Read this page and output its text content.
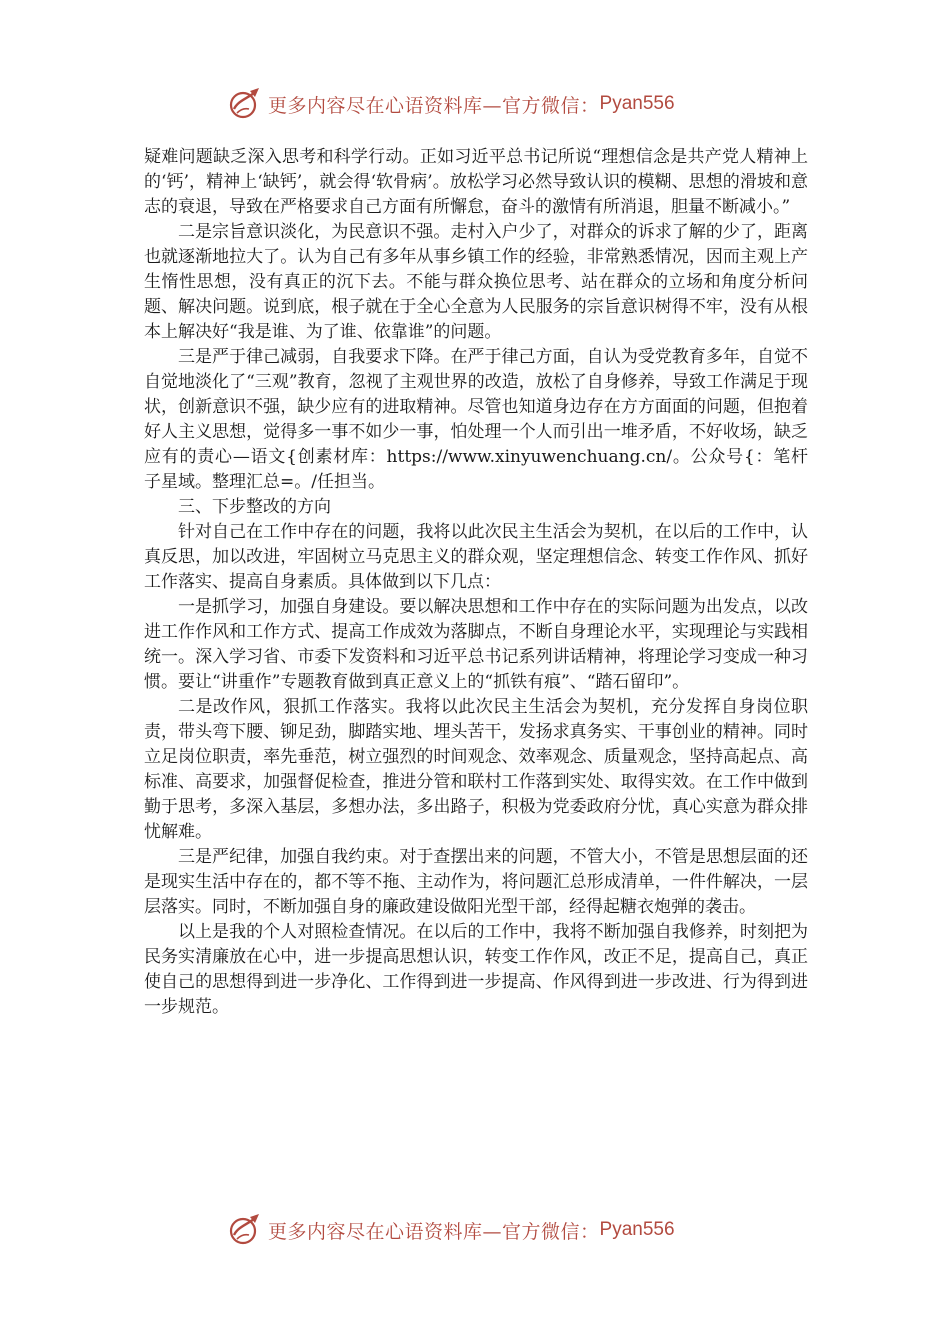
更多内容尽在心语资料库—官方微信： Pyan556

疑难问题缺乏深入思考和科学行动。正如习近平总书记所说“理想信念是共产党人精神上的‘钙’，精神上‘缺钙’，就会得‘软骨病’。放松学习必然导致认识的模糊、思想的滑坡和意志的衰退，导致在严格要求自己方面有所懈怠，奋斗的激情有所消退，胆量不断减小。”

二是宗旨意识淡化，为民意识不强。走村入户少了，对群众的诉求了解的少了，距离也就逐渐地拉大了。认为自己有多年从事乡镇工作的经验，非常熟悉情况，因而主观上产生惰性思想，没有真正的沉下去。不能与群众换位思考、站在群众的立场和角度分析问题、解决问题。说到底，根子就在于全心全意为人民服务的宗旨意识树得不牢，没有从根本上解决好“我是谁、为了谁、依靠谁”的问题。

三是严于律己减弱，自我要求下降。在严于律己方面，自认为受党教育多年，自觉不自觉地淡化了“三观”教育，忽视了主观世界的改造，放松了自身修养，导致工作满足于现状，创新意识不强，缺少应有的进取精神。尽管也知道身边存在方方面面的问题，但抱着好人主义思想，觉得多一事不如少一事，怕处理一个人而引出一堆矛盾，不好收场，缺乏应有的责心—语文{创素材库：https://www.xinyuwenchuang.cn/。公众号{：笔杆子星域。整理汇总=。/任担当。

三、下步整改的方向

针对自己在工作中存在的问题，我将以此次民主生活会为契机，在以后的工作中，认真反思，加以改进，牢固树立马克思主义的群众观，坚定理想信念、转变工作作风、抓好工作落实、提高自身素质。具体做到以下几点：

一是抓学习，加强自身建设。要以解决思想和工作中存在的实际问题为出发点，以改进工作作风和工作方式、提高工作成效为落脚点，不断自身理论水平，实现理论与实践相统一。深入学习省、市委下发资料和习近平总书记系列讲话精神，将理论学习变成一种习惯。要让“讲重作”专题教育做到真正意义上的“抓铁有痕”、“踏石留印”。

二是改作风，狠抓工作落实。我将以此次民主生活会为契机，充分发挥自身岗位职责，带头弯下腰、铆足劲，脚踏实地、埋头苦干，发扬求真务实、干事创业的精神。同时立足岗位职责，率先垂范，树立强烈的时间观念、效率观念、质量观念，坚持高起点、高标准、高要求，加强督促检查，推进分管和联村工作落到实处、取得实效。在工作中做到勤于思考，多深入基层，多想办法，多出路子，积极为党委政府分忧，真心实意为群众排忧解难。

三是严纪律，加强自我约束。对于查摆出来的问题，不管大小，不管是思想层面的还是现实生活中存在的，都不等不拖、主动作为，将问题汇总形成清单，一件件解决，一层层落实。同时，不断加强自身的廉政建设做阳光型干部，经得起糖衣炮弹的袭击。

以上是我的个人对照检查情况。在以后的工作中，我将不断加强自我修养，时刻把为民务实清廉放在心中，进一步提高思想认识，转变工作作风，改正不足，提高自己，真正使自己的思想得到进一步净化、工作得到进一步提高、作风得到进一步改进、行为得到进一步规范。

更多内容尽在心语资料库—官方微信： Pyan556
